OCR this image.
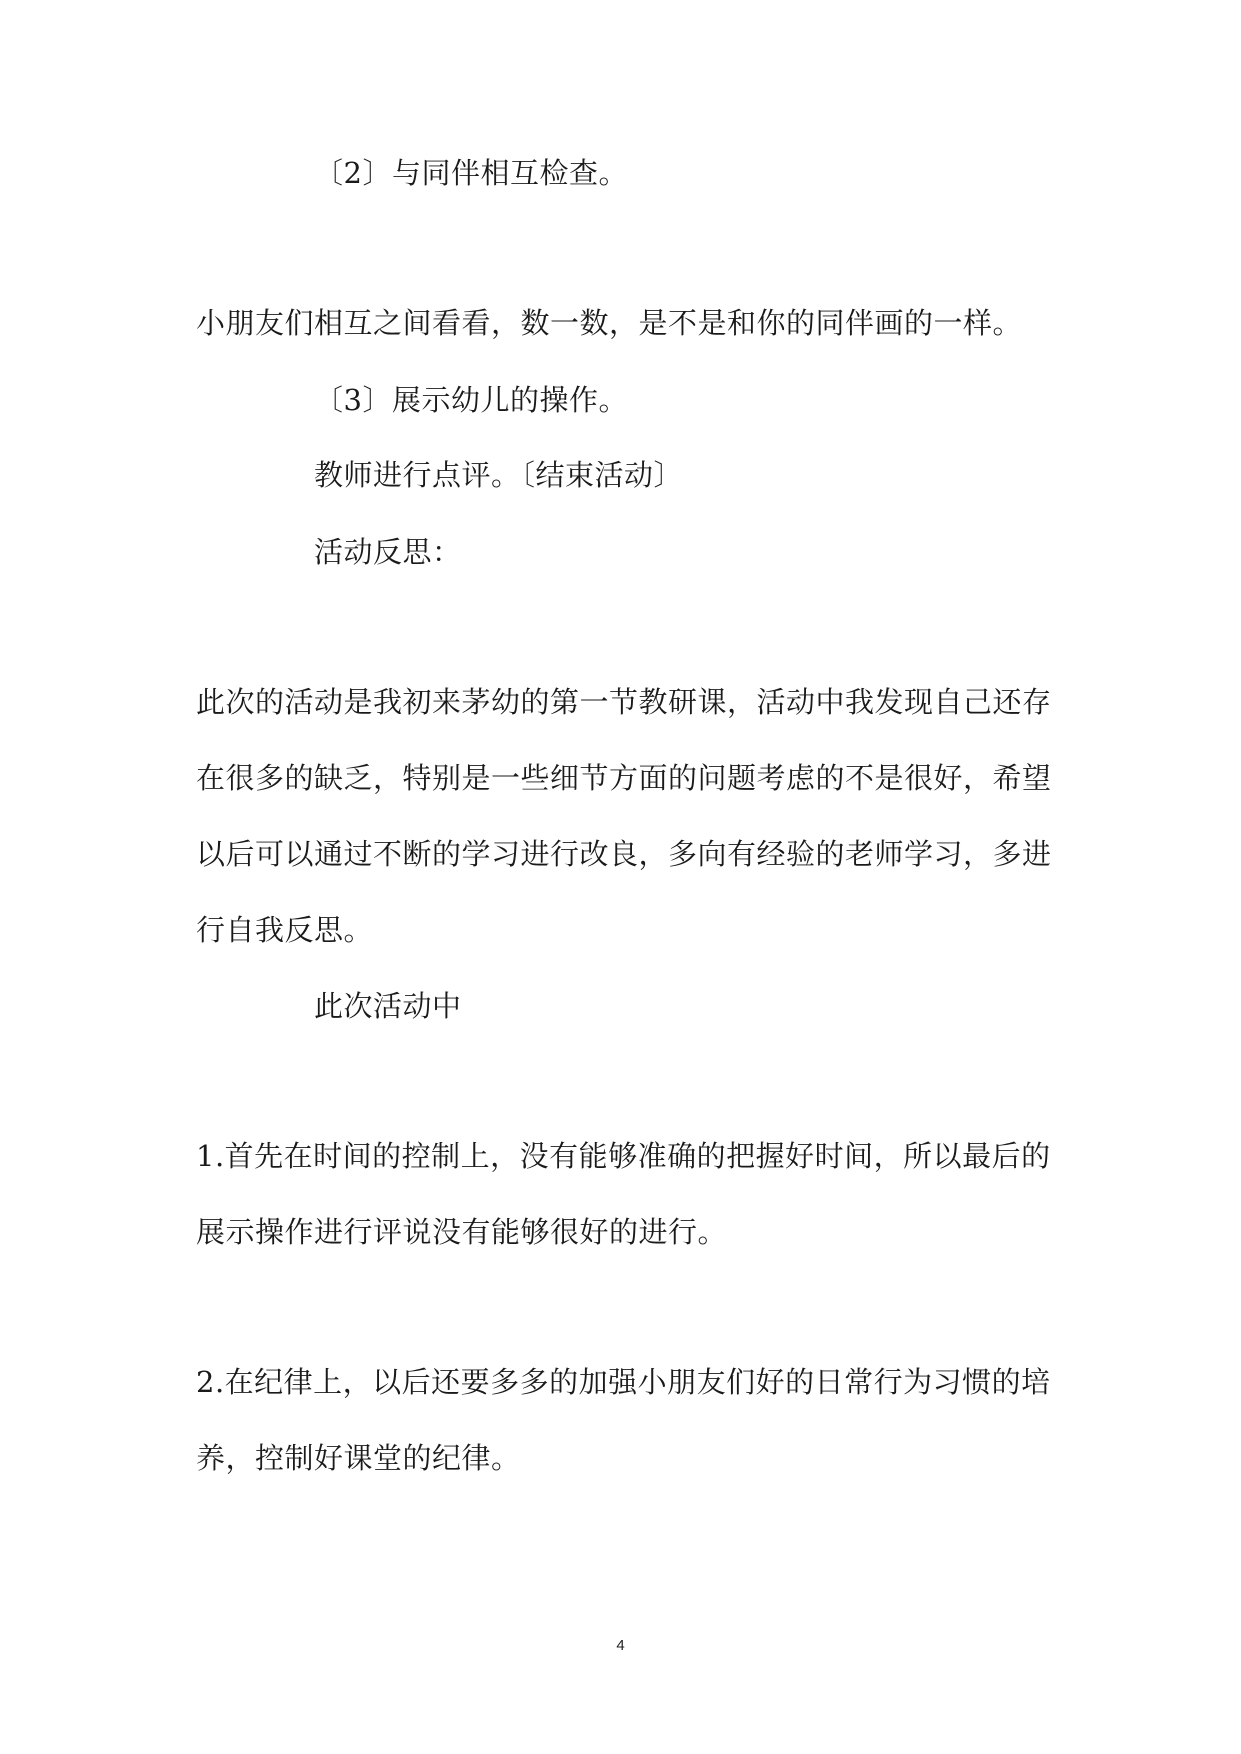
〔2〕与同伴相互检查。
小朋友们相互之间看看，数一数，是不是和你的同伴画的一样。
〔3〕展示幼儿的操作。
教师进行点评。〔结束活动〕
活动反思：
此次的活动是我初来茅幼的第一节教研课，活动中我发现自己还存
在很多的缺乏，特别是一些细节方面的问题考虑的不是很好，希望
以后可以通过不断的学习进行改良，多向有经验的老师学习，多进
行自我反思。
此次活动中
1.首先在时间的控制上，没有能够准确的把握好时间，所以最后的
展示操作进行评说没有能够很好的进行。
2.在纪律上，以后还要多多的加强小朋友们好的日常行为习惯的培
养，控制好课堂的纪律。
4
